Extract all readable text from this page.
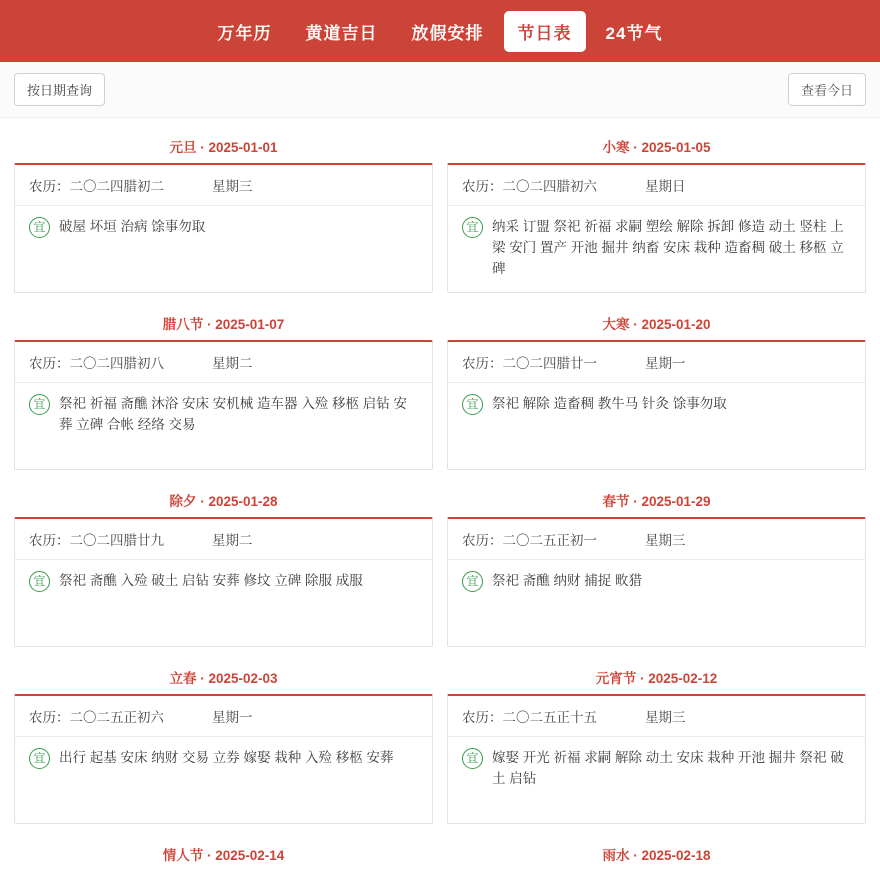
万年历	黄道吉日	放假安排	节日表	24节气
按日期查询	查看今日
元旦 · 2025-01-01
农历：二〇二四腊初二	星期三
宜	破屋 坏垣 治病 馀事勿取
小寒 · 2025-01-05
农历：二〇二四腊初六	星期日
宜	纳采 订盟 祭祀 祈福 求嗣 塑绘 解除 拆卸 修造 动土 竖柱 上梁 安门 置产 开池 掘井 纳畜 安床 栽种 造畜稠 破土 移柩 立碑
腊八节 · 2025-01-07
农历：二〇二四腊初八	星期二
宜	祭祀 祈福 斋醮 沐浴 安床 安机械 造车器 入殓 移柩 启钻 安葬 立碑 合帐 经络 交易
大寒 · 2025-01-20
农历：二〇二四腊廿一	星期一
宜	祭祀 解除 造畜稠 教牛马 针灸 馀事勿取
除夕 · 2025-01-28
农历：二〇二四腊廿九	星期二
宜	祭祀 斋醮 入殓 破土 启钻 安葬 修坟 立碑 除服 成服
春节 · 2025-01-29
农历：二〇二五正初一	星期三
宜	祭祀 斋醮 纳财 捕捉 畋猎
立春 · 2025-02-03
农历：二〇二五正初六	星期一
宜	出行 起基 安床 纳财 交易 立券 嫁娶 栽种 入殓 移柩 安葬
元宵节 · 2025-02-12
农历：二〇二五正十五	星期三
宜	嫁娶 开光 祈福 求嗣 解除 动土 安床 栽种 开池 掘井 祭祀 破土 启钻
情人节 · 2025-02-14	雨水 · 2025-02-18
